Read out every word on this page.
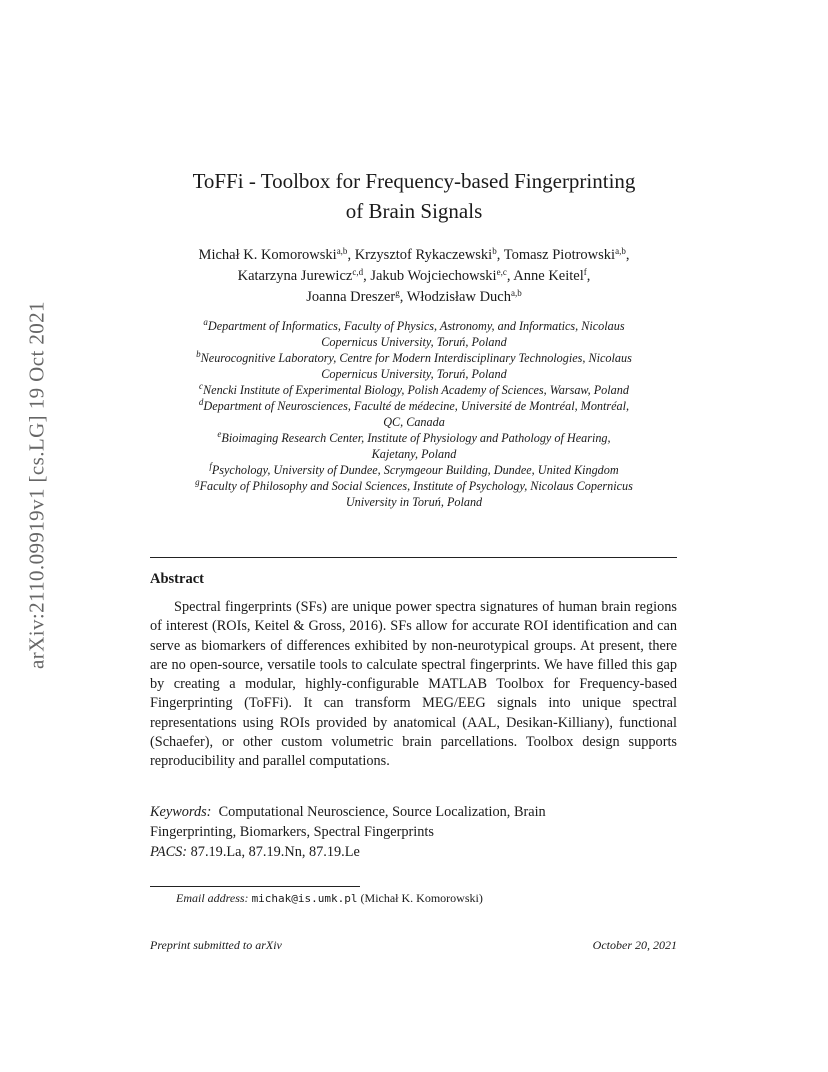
arXiv:2110.09919v1 [cs.LG] 19 Oct 2021
ToFFi - Toolbox for Frequency-based Fingerprinting
of Brain Signals
Michał K. Komorowski$^{a,b}$, Krzysztof Rykaczewski$^b$, Tomasz Piotrowski$^{a,b}$,
Katarzyna Jurewicz$^{c,d}$, Jakub Wojciechowski$^{e,c}$, Anne Keitel$^f$,
Joanna Dreszer$^g$, Włodzisław Duch$^{a,b}$
$^a$Department of Informatics, Faculty of Physics, Astronomy, and Informatics, Nicolaus
Copernicus University, Toruń, Poland
$^b$Neurocognitive Laboratory, Centre for Modern Interdisciplinary Technologies, Nicolaus
Copernicus University, Toruń, Poland
$^c$Nencki Institute of Experimental Biology, Polish Academy of Sciences, Warsaw, Poland
$^d$Department of Neurosciences, Faculté de médecine, Université de Montréal, Montréal,
QC, Canada
$^e$Bioimaging Research Center, Institute of Physiology and Pathology of Hearing,
Kajetany, Poland
$^f$Psychology, University of Dundee, Scrymgeour Building, Dundee, United Kingdom
$^g$Faculty of Philosophy and Social Sciences, Institute of Psychology, Nicolaus Copernicus
University in Toruń, Poland
Abstract
Spectral fingerprints (SFs) are unique power spectra signatures of human brain regions of interest (ROIs, Keitel & Gross, 2016). SFs allow for accurate ROI identification and can serve as biomarkers of differences exhibited by non-neurotypical groups. At present, there are no open-source, versatile tools to calculate spectral fingerprints. We have filled this gap by creating a modular, highly-configurable MATLAB Toolbox for Frequency-based Fingerprinting (ToFFi). It can transform MEG/EEG signals into unique spectral representations using ROIs provided by anatomical (AAL, Desikan-Killiany), functional (Schaefer), or other custom volumetric brain parcellations. Toolbox design supports reproducibility and parallel computations.
Keywords: Computational Neuroscience, Source Localization, Brain
Fingerprinting, Biomarkers, Spectral Fingerprints
PACS: 87.19.La, 87.19.Nn, 87.19.Le
Email address: michak@is.umk.pl (Michał K. Komorowski)
Preprint submitted to arXiv	October 20, 2021
